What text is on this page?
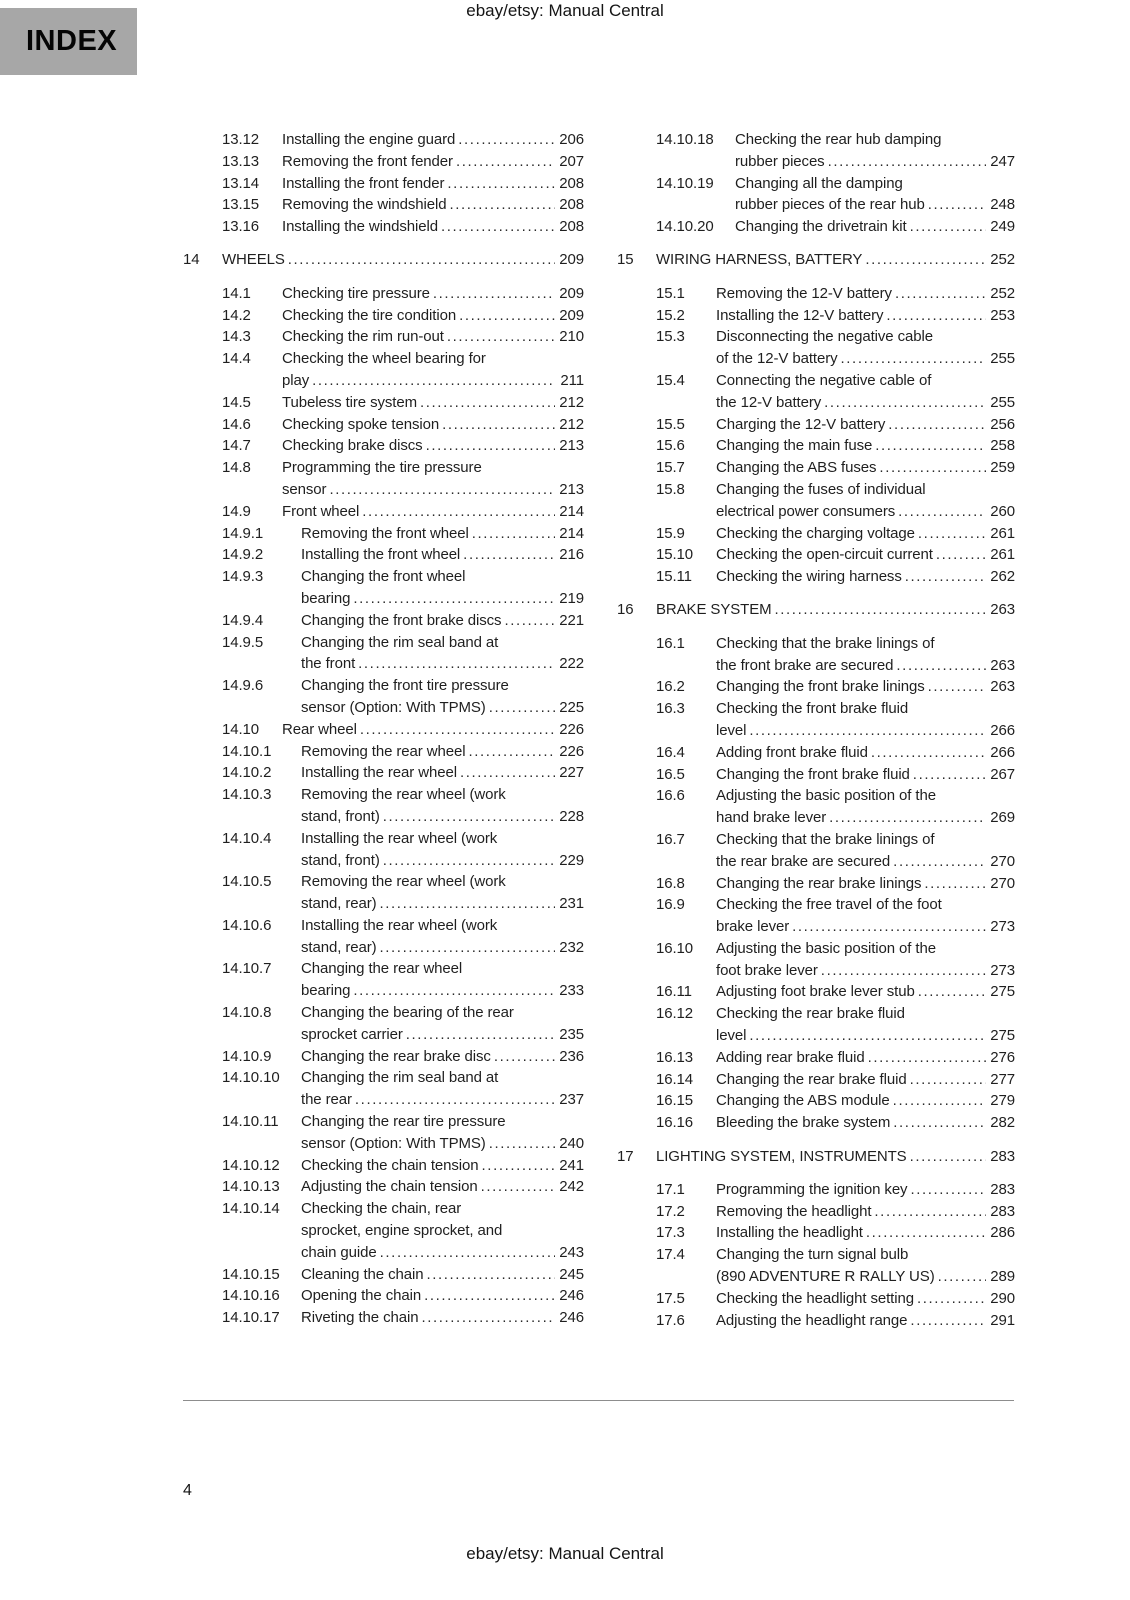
ebay/etsy: Manual Central
INDEX
13.12	Installing the engine guard .....	206
13.13	Removing the front fender .....	207
13.14	Installing the front fender .....	208
13.15	Removing the windshield .....	208
13.16	Installing the windshield .....	208
14	WHEELS .....	209
14.1	Checking tire pressure .....	209
14.2	Checking the tire condition .....	209
14.3	Checking the rim run-out .....	210
14.4	Checking the wheel bearing for
play .....	211
14.5	Tubeless tire system .....	212
14.6	Checking spoke tension .....	212
14.7	Checking brake discs .....	213
14.8	Programming the tire pressure
sensor .....	213
14.9	Front wheel .....	214
14.9.1	Removing the front wheel .....	214
14.9.2	Installing the front wheel .....	216
14.9.3	Changing the front wheel
bearing .....	219
14.9.4	Changing the front brake discs .....	221
14.9.5	Changing the rim seal band at
the front .....	222
14.9.6	Changing the front tire pressure
sensor (Option: With TPMS) .....	225
14.10	Rear wheel .....	226
14.10.1	Removing the rear wheel .....	226
14.10.2	Installing the rear wheel .....	227
14.10.3	Removing the rear wheel (work
stand, front) .....	228
14.10.4	Installing the rear wheel (work
stand, front) .....	229
14.10.5	Removing the rear wheel (work
stand, rear) .....	231
14.10.6	Installing the rear wheel (work
stand, rear) .....	232
14.10.7	Changing the rear wheel
bearing .....	233
14.10.8	Changing the bearing of the rear
sprocket carrier .....	235
14.10.9	Changing the rear brake disc .....	236
14.10.10	Changing the rim seal band at
the rear .....	237
14.10.11	Changing the rear tire pressure
sensor (Option: With TPMS) .....	240
14.10.12	Checking the chain tension .....	241
14.10.13	Adjusting the chain tension .....	242
14.10.14	Checking the chain, rear
sprocket, engine sprocket, and
chain guide .....	243
14.10.15	Cleaning the chain .....	245
14.10.16	Opening the chain .....	246
14.10.17	Riveting the chain .....	246
14.10.18	Checking the rear hub damping
rubber pieces .....	247
14.10.19	Changing all the damping
rubber pieces of the rear hub .....	248
14.10.20	Changing the drivetrain kit .....	249
15	WIRING HARNESS, BATTERY .....	252
15.1	Removing the 12-V battery .....	252
15.2	Installing the 12-V battery .....	253
15.3	Disconnecting the negative cable
of the 12-V battery .....	255
15.4	Connecting the negative cable of
the 12-V battery .....	255
15.5	Charging the 12-V battery .....	256
15.6	Changing the main fuse .....	258
15.7	Changing the ABS fuses .....	259
15.8	Changing the fuses of individual
electrical power consumers .....	260
15.9	Checking the charging voltage .....	261
15.10	Checking the open-circuit current .....	261
15.11	Checking the wiring harness .....	262
16	BRAKE SYSTEM .....	263
16.1	Checking that the brake linings of
the front brake are secured .....	263
16.2	Changing the front brake linings .....	263
16.3	Checking the front brake fluid
level .....	266
16.4	Adding front brake fluid .....	266
16.5	Changing the front brake fluid .....	267
16.6	Adjusting the basic position of the
hand brake lever .....	269
16.7	Checking that the brake linings of
the rear brake are secured .....	270
16.8	Changing the rear brake linings .....	270
16.9	Checking the free travel of the foot
brake lever .....	273
16.10	Adjusting the basic position of the
foot brake lever .....	273
16.11	Adjusting foot brake lever stub .....	275
16.12	Checking the rear brake fluid
level .....	275
16.13	Adding rear brake fluid .....	276
16.14	Changing the rear brake fluid .....	277
16.15	Changing the ABS module .....	279
16.16	Bleeding the brake system .....	282
17	LIGHTING SYSTEM, INSTRUMENTS .....	283
17.1	Programming the ignition key .....	283
17.2	Removing the headlight .....	283
17.3	Installing the headlight .....	286
17.4	Changing the turn signal bulb
(890 ADVENTURE R RALLY US) .....	289
17.5	Checking the headlight setting .....	290
17.6	Adjusting the headlight range .....	291
4
ebay/etsy: Manual Central
